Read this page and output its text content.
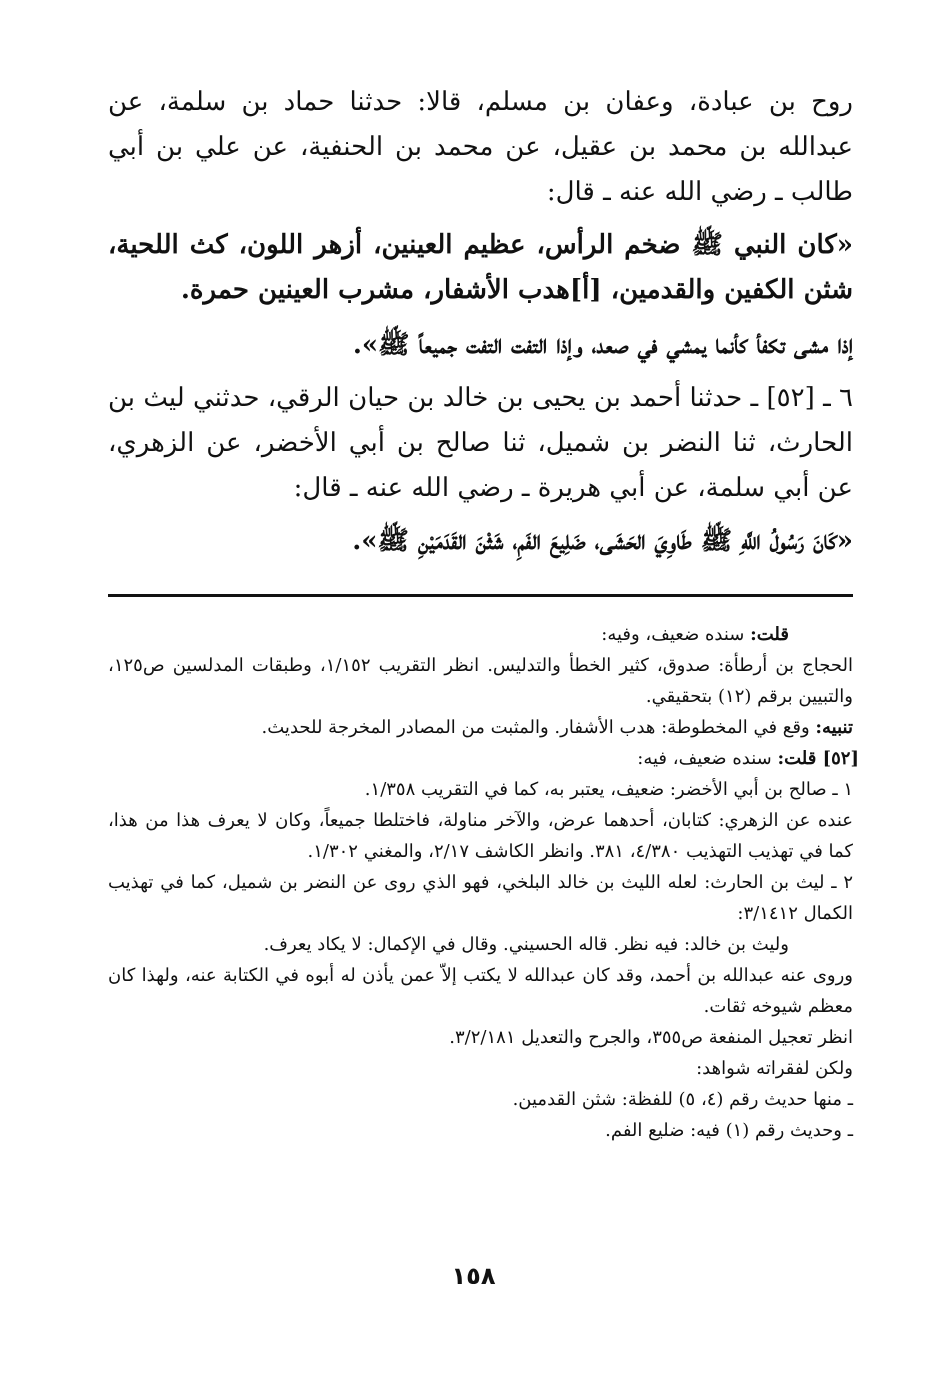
روح بن عبادة، وعفان بن مسلم، قالا: حدثنا حماد بن سلمة، عن عبدالله بن محمد بن عقيل، عن محمد بن الحنفية، عن علي بن أبي طالب ـ رضي الله عنه ـ قال:

«كان النبي ﷺ ضخم الرأس، عظيم العينين، أزهر اللون، كث اللحية، شثن الكفين والقدمين، [أ]هدب الأشفار، مشرب العينين حمرة.

إذا مشى تكفأ كأنما يمشي في صعد، وإذا التفت التفت جميعاً ﷺ».

٦ ـ [٥٢] ـ حدثنا أحمد بن يحيى بن خالد بن حيان الرقي، حدثني ليث بن الحارث، ثنا النضر بن شميل، ثنا صالح بن أبي الأخضر، عن الزهري، عن أبي سلمة، عن أبي هريرة ـ رضي الله عنه ـ قال:

«كَانَ رَسُولُ اللَّهِ ﷺ طَاوِيَ الحَشَى، ضَلِيعَ الفَمِ، شَثْنَ القَدَمَيْنِ ﷺ».

قلت: سنده ضعيف، وفيه:

الحجاج بن أرطأة: صدوق، كثير الخطأ والتدليس. انظر التقريب ١/١٥٢، وطبقات المدلسين ص١٢٥، والتبيين برقم (١٢) بتحقيقي.

تنبيه: وقع في المخطوطة: هدب الأشفار. والمثبت من المصادر المخرجة للحديث.

[٥٢] قلت: سنده ضعيف، فيه:

١ ـ صالح بن أبي الأخضر: ضعيف، يعتبر به، كما في التقريب ١/٣٥٨.

عنده عن الزهري: كتابان، أحدهما عرض، والآخر مناولة، فاختلطا جميعاً، وكان لا يعرف هذا من هذا، كما في تهذيب التهذيب ٤/٣٨٠، ٣٨١. وانظر الكاشف ٢/١٧، والمغني ١/٣٠٢.

٢ ـ ليث بن الحارث: لعله الليث بن خالد البلخي، فهو الذي روى عن النضر بن شميل، كما في تهذيب الكمال ٣/١٤١٢:

وليث بن خالد: فيه نظر. قاله الحسيني. وقال في الإكمال: لا يكاد يعرف.

وروى عنه عبدالله بن أحمد، وقد كان عبدالله لا يكتب إلاّ عمن يأذن له أبوه في الكتابة عنه، ولهذا كان معظم شيوخه ثقات.

انظر تعجيل المنفعة ص٣٥٥، والجرح والتعديل ٣/٢/١٨١.

ولكن لفقراته شواهد:

ـ منها حديث رقم (٤، ٥) للفظة: شثن القدمين.

ـ وحديث رقم (١) فيه: ضليع الفم.

١٥٨
